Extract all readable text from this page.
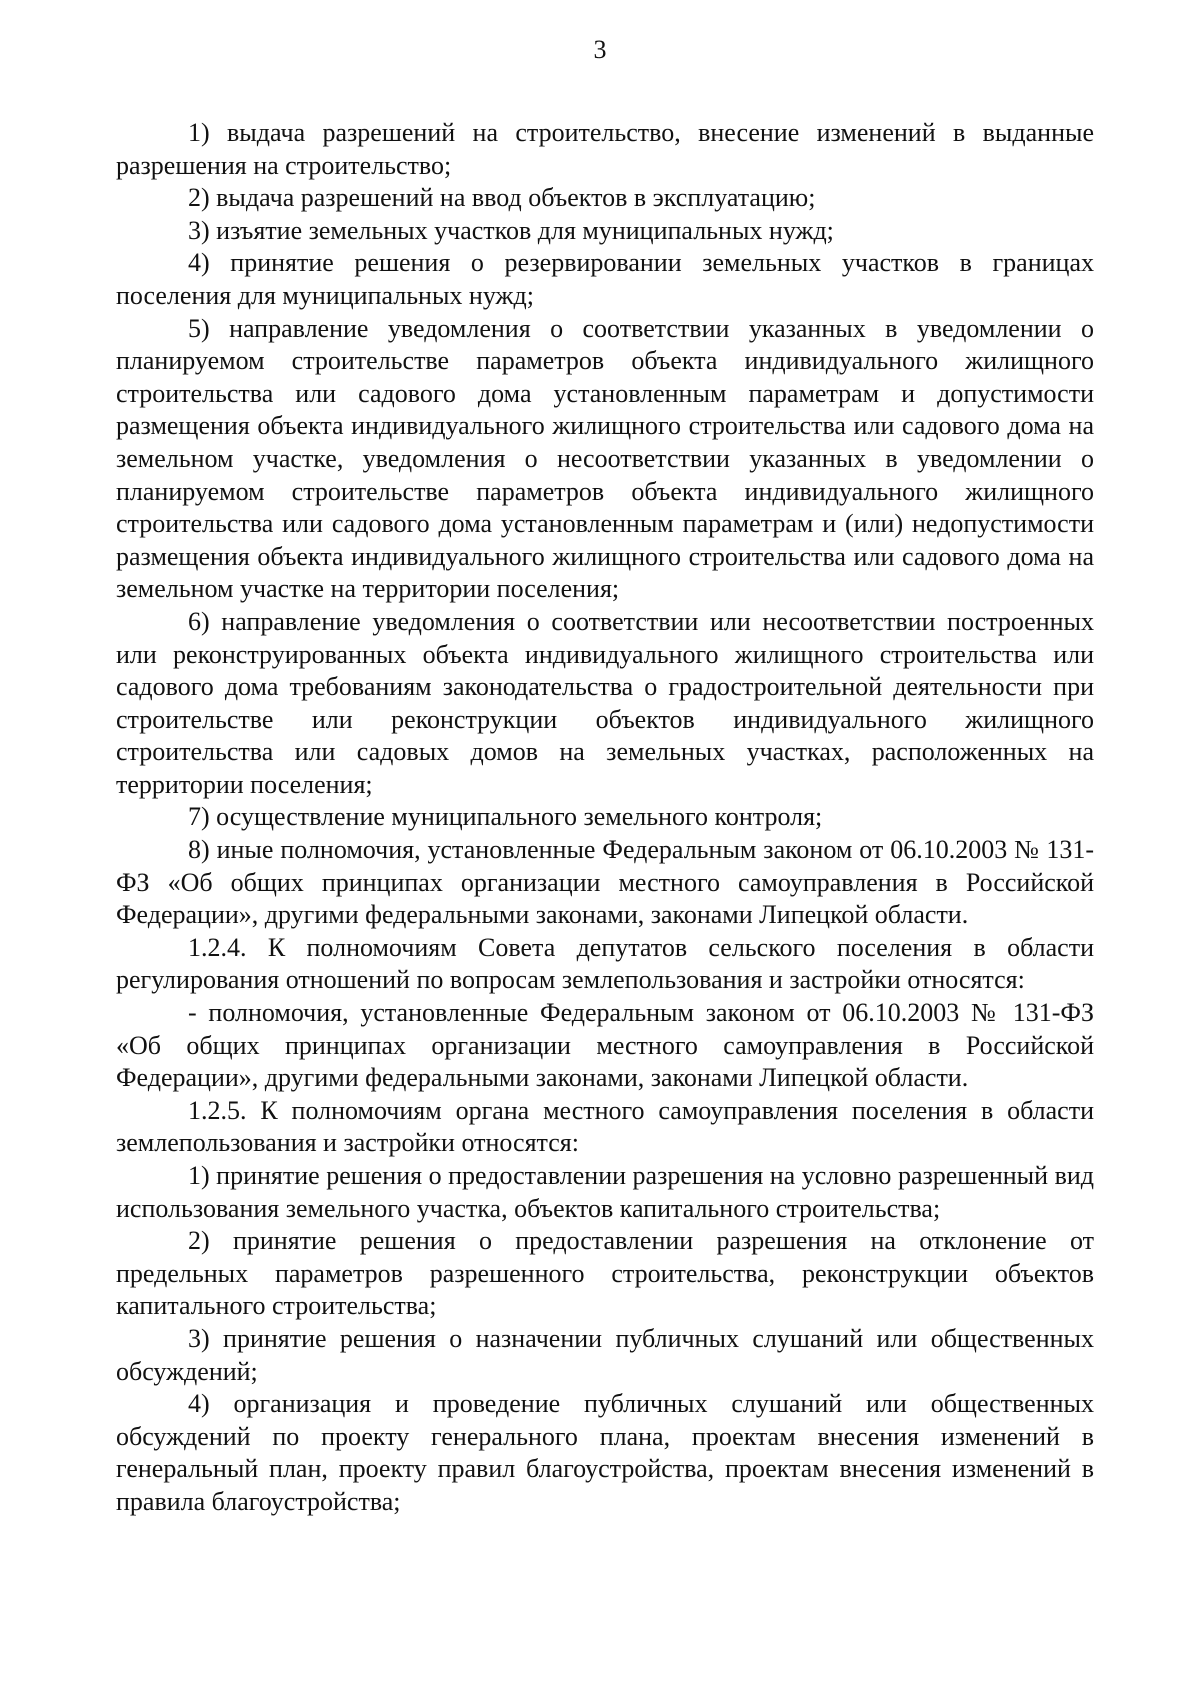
3

1) выдача разрешений на строительство, внесение изменений в выданные разрешения на строительство;

2) выдача разрешений на ввод объектов в эксплуатацию;

3) изъятие земельных участков для муниципальных нужд;

4) принятие решения о резервировании земельных участков в границах поселения для муниципальных нужд;

5) направление уведомления о соответствии указанных в уведомлении о планируемом строительстве параметров объекта индивидуального жилищного строительства или садового дома установленным параметрам и допустимости размещения объекта индивидуального жилищного строительства или садового дома на земельном участке, уведомления о несоответствии указанных в уведомлении о планируемом строительстве параметров объекта индивидуального жилищного строительства или садового дома установленным параметрам и (или) недопустимости размещения объекта индивидуального жилищного строительства или садового дома на земельном участке на территории поселения;

6) направление уведомления о соответствии или несоответствии построенных или реконструированных объекта индивидуального жилищного строительства или садового дома требованиям законодательства о градостроительной деятельности при строительстве или реконструкции объектов индивидуального жилищного строительства или садовых домов на земельных участках, расположенных на территории поселения;

7) осуществление муниципального земельного контроля;

8) иные полномочия, установленные Федеральным законом от 06.10.2003 № 131-ФЗ «Об общих принципах организации местного самоуправления в Российской Федерации», другими федеральными законами, законами Липецкой области.

1.2.4. К полномочиям Совета депутатов сельского поселения в области регулирования отношений по вопросам землепользования и застройки относятся:

- полномочия, установленные Федеральным законом от 06.10.2003 № 131-ФЗ «Об общих принципах организации местного самоуправления в Российской Федерации», другими федеральными законами, законами Липецкой области.

1.2.5. К полномочиям органа местного самоуправления поселения в области землепользования и застройки относятся:

1) принятие решения о предоставлении разрешения на условно разрешенный вид использования земельного участка, объектов капитального строительства;

2) принятие решения о предоставлении разрешения на отклонение от предельных параметров разрешенного строительства, реконструкции объектов капитального строительства;

3) принятие решения о назначении публичных слушаний или общественных обсуждений;

4) организация и проведение публичных слушаний или общественных обсуждений по проекту генерального плана, проектам внесения изменений в генеральный план, проекту правил благоустройства, проектам внесения изменений в правила благоустройства;
